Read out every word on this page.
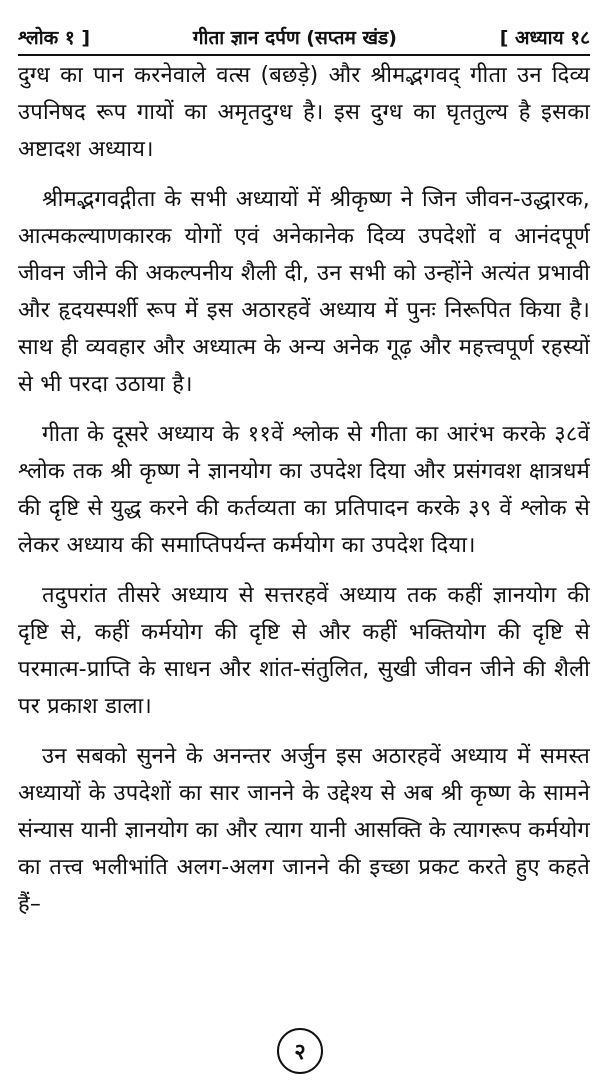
श्लोक १ ]	गीता ज्ञान दर्पण (सप्तम खंड)	[ अध्याय १८

दुग्ध का पान करनेवाले वत्स (बछड़े) और श्रीमद्भगवद् गीता उन दिव्य उपनिषद रूप गायों का अमृतदुग्ध है। इस दुग्ध का घृततुल्य है इसका अष्टादश अध्याय।

श्रीमद्भगवद्गीता के सभी अध्यायों में श्रीकृष्ण ने जिन जीवन-उद्धारक, आत्मकल्याणकारक योगों एवं अनेकानेक दिव्य उपदेशों व आनंदपूर्ण जीवन जीने की अकल्पनीय शैली दी, उन सभी को उन्होंने अत्यंत प्रभावी और हृदयस्पर्शी रूप में इस अठारहवें अध्याय में पुनः निरूपित किया है। साथ ही व्यवहार और अध्यात्म के अन्य अनेक गूढ़ और महत्त्वपूर्ण रहस्यों से भी परदा उठाया है।

गीता के दूसरे अध्याय के ११वें श्लोक से गीता का आरंभ करके ३८वें श्लोक तक श्री कृष्ण ने ज्ञानयोग का उपदेश दिया और प्रसंगवश क्षात्रधर्म की दृष्टि से युद्ध करने की कर्तव्यता का प्रतिपादन करके ३९ वें श्लोक से लेकर अध्याय की समाप्तिपर्यन्त कर्मयोग का उपदेश दिया।

तदुपरांत तीसरे अध्याय से सत्तरहवें अध्याय तक कहीं ज्ञानयोग की दृष्टि से, कहीं कर्मयोग की दृष्टि से और कहीं भक्तियोग की दृष्टि से परमात्म-प्राप्ति के साधन और शांत-संतुलित, सुखी जीवन जीने की शैली पर प्रकाश डाला।

उन सबको सुनने के अनन्तर अर्जुन इस अठारहवें अध्याय में समस्त अध्यायों के उपदेशों का सार जानने के उद्देश्य से अब श्री कृष्ण के सामने संन्यास यानी ज्ञानयोग का और त्याग यानी आसक्ति के त्यागरूप कर्मयोग का तत्त्व भलीभांति अलग-अलग जानने की इच्छा प्रकट करते हुए कहते हैं–

२
